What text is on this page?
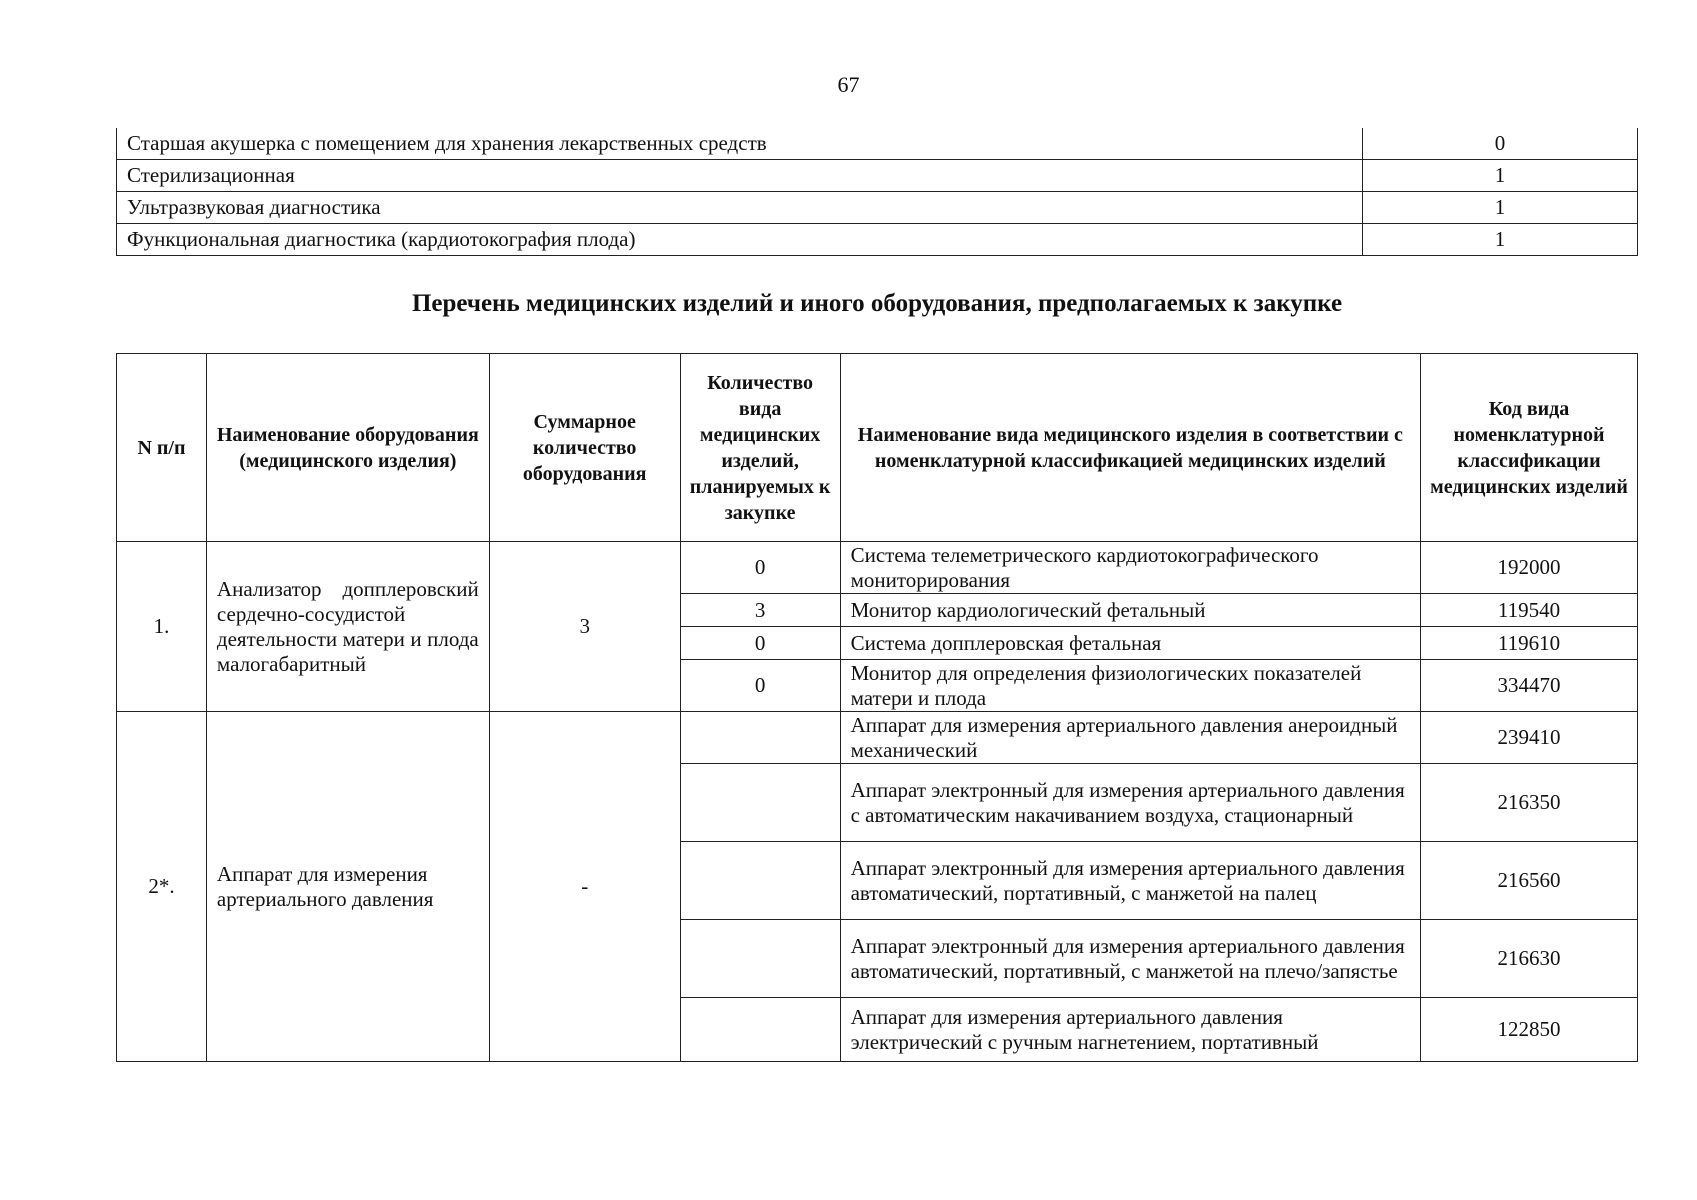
67
Старшая акушерка с помещением для хранения лекарственных средств	0
Стерилизационная	1
Ультразвуковая диагностика	1
Функциональная диагностика (кардиотокография плода)	1
Перечень медицинских изделий и иного оборудования, предполагаемых к закупке
N п/п	Наименование оборудования (медицинского изделия)	Суммарное количество оборудования	Количество вида медицинских изделий, планируемых к закупке	Наименование вида медицинского изделия в соответствии с номенклатурной классификацией медицинских изделий	Код вида номенклатурной классификации медицинских изделий
1.	Анализатор допплеровский сердечно-сосудистой деятельности матери и плода малогабаритный	3	0	Система телеметрического кардиотокографического мониторирования	192000
			3	Монитор кардиологический фетальный	119540
			0	Система допплеровская фетальная	119610
			0	Монитор для определения физиологических показателей матери и плода	334470
2*.	Аппарат для измерения артериального давления	-		Аппарат для измерения артериального давления анероидный механический	239410
				Аппарат электронный для измерения артериального давления с автоматическим накачиванием воздуха, стационарный	216350
				Аппарат электронный для измерения артериального давления автоматический, портативный, с манжетой на палец	216560
				Аппарат электронный для измерения артериального давления автоматический, портативный, с манжетой на плечо/запястье	216630
				Аппарат для измерения артериального давления электрический с ручным нагнетением, портативный	122850
